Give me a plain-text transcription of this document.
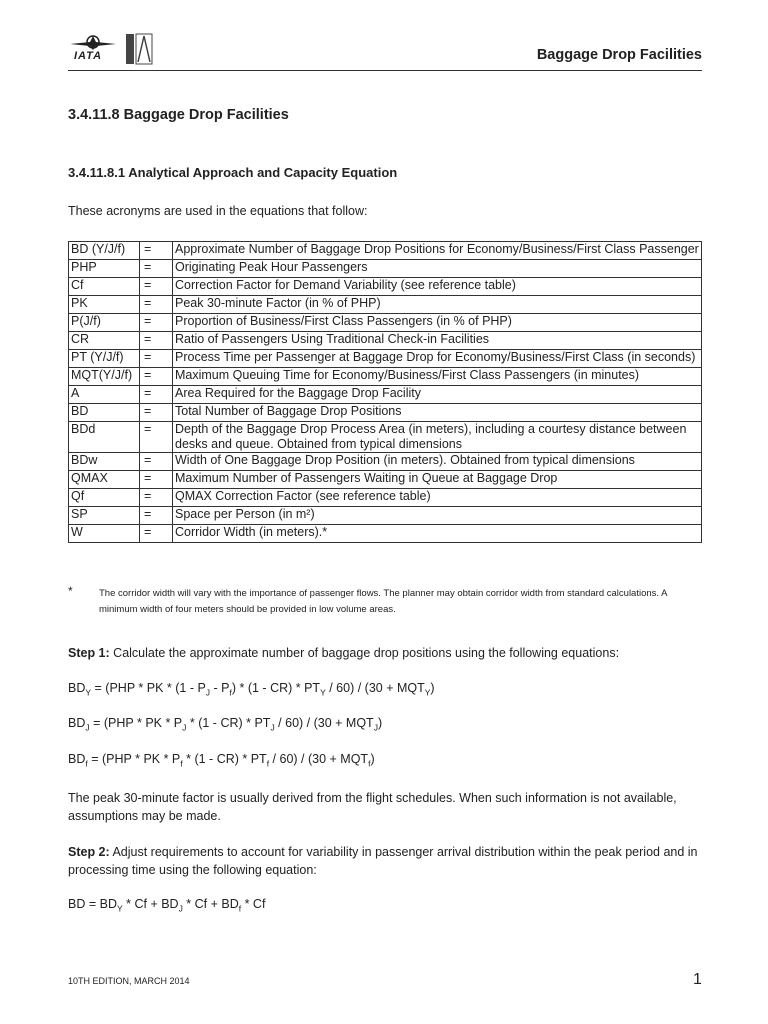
IATA	Baggage Drop Facilities
3.4.11.8 Baggage Drop Facilities
3.4.11.8.1 Analytical Approach and Capacity Equation
These acronyms are used in the equations that follow:
BD (Y/J/f)	=	Approximate Number of Baggage Drop Positions for Economy/Business/First Class Passenger
PHP	=	Originating Peak Hour Passengers
Cf	=	Correction Factor for Demand Variability (see reference table)
PK	=	Peak 30-minute Factor (in % of PHP)
P(J/f)	=	Proportion of Business/First Class Passengers (in % of PHP)
CR	=	Ratio of Passengers Using Traditional Check-in Facilities
PT (Y/J/f)	=	Process Time per Passenger at Baggage Drop for Economy/Business/First Class (in seconds)
MQT(Y/J/f)	=	Maximum Queuing Time for Economy/Business/First Class Passengers (in minutes)
A	=	Area Required for the Baggage Drop Facility
BD	=	Total Number of Baggage Drop Positions
BDd	=	Depth of the Baggage Drop Process Area (in meters), including a courtesy distance between desks and queue. Obtained from typical dimensions
BDw	=	Width of One Baggage Drop Position (in meters). Obtained from typical dimensions
QMAX	=	Maximum Number of Passengers Waiting in Queue at Baggage Drop
Qf	=	QMAX Correction Factor (see reference table)
SP	=	Space per Person (in m²)
W	=	Corridor Width (in meters).*
*	The corridor width will vary with the importance of passenger flows. The planner may obtain corridor width from standard calculations. A minimum width of four meters should be provided in low volume areas.
Step 1: Calculate the approximate number of baggage drop positions using the following equations:
$BD_Y = (PHP$ * PK * $(1 - P_J - P_f) * (1 - CR) * PT_Y / 60) / (30 + MQT_Y)$
$BD_J = (PHP$ * PK * $P_J * (1 - CR) * PT_J / 60) / (30 + MQT_J)$
$BD_f = (PHP$ * PK * $P_f * (1 - CR) * PT_f / 60) / (30 + MQT_f)$
The peak 30-minute factor is usually derived from the flight schedules. When such information is not available, assumptions may be made.
Step 2: Adjust requirements to account for variability in passenger arrival distribution within the peak period and in processing time using the following equation:
BD = $BD_Y * Cf + BD_J * Cf + BD_f * Cf$
10TH EDITION, MARCH 2014	1
